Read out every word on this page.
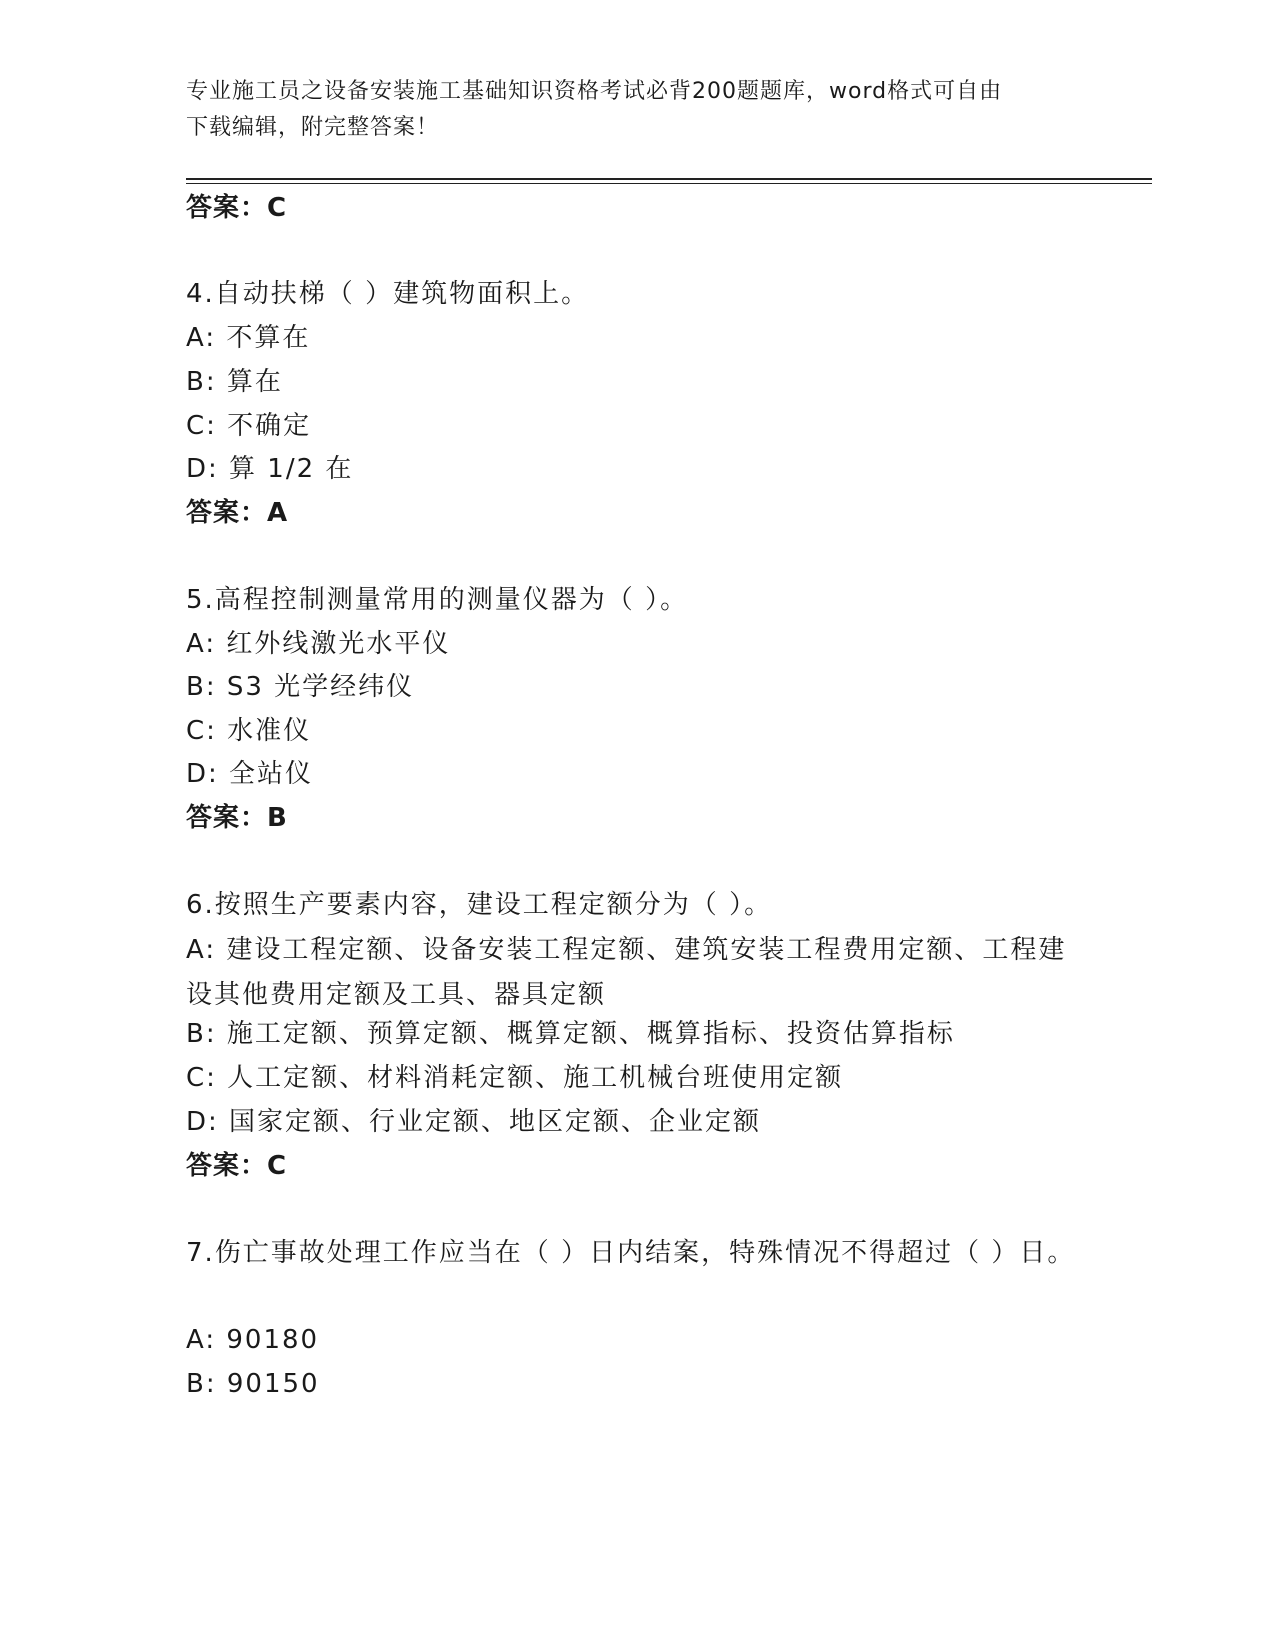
专业施工员之设备安装施工基础知识资格考试必背200题题库，word格式可自由
下载编辑，附完整答案！
答案：C
4.自动扶梯（ ）建筑物面积上。
A: 不算在
B: 算在
C: 不确定
D: 算 1/2 在
答案：A
5.高程控制测量常用的测量仪器为（ ）。
A: 红外线激光水平仪
B: S3 光学经纬仪
C: 水准仪
D: 全站仪
答案：B
6.按照生产要素内容，建设工程定额分为（ ）。
A: 建设工程定额、设备安装工程定额、建筑安装工程费用定额、工程建设其他费用定额及工具、器具定额
B: 施工定额、预算定额、概算定额、概算指标、投资估算指标
C: 人工定额、材料消耗定额、施工机械台班使用定额
D: 国家定额、行业定额、地区定额、企业定额
答案：C
7.伤亡事故处理工作应当在（ ）日内结案，特殊情况不得超过（ ）日。
A: 90180
B: 90150
